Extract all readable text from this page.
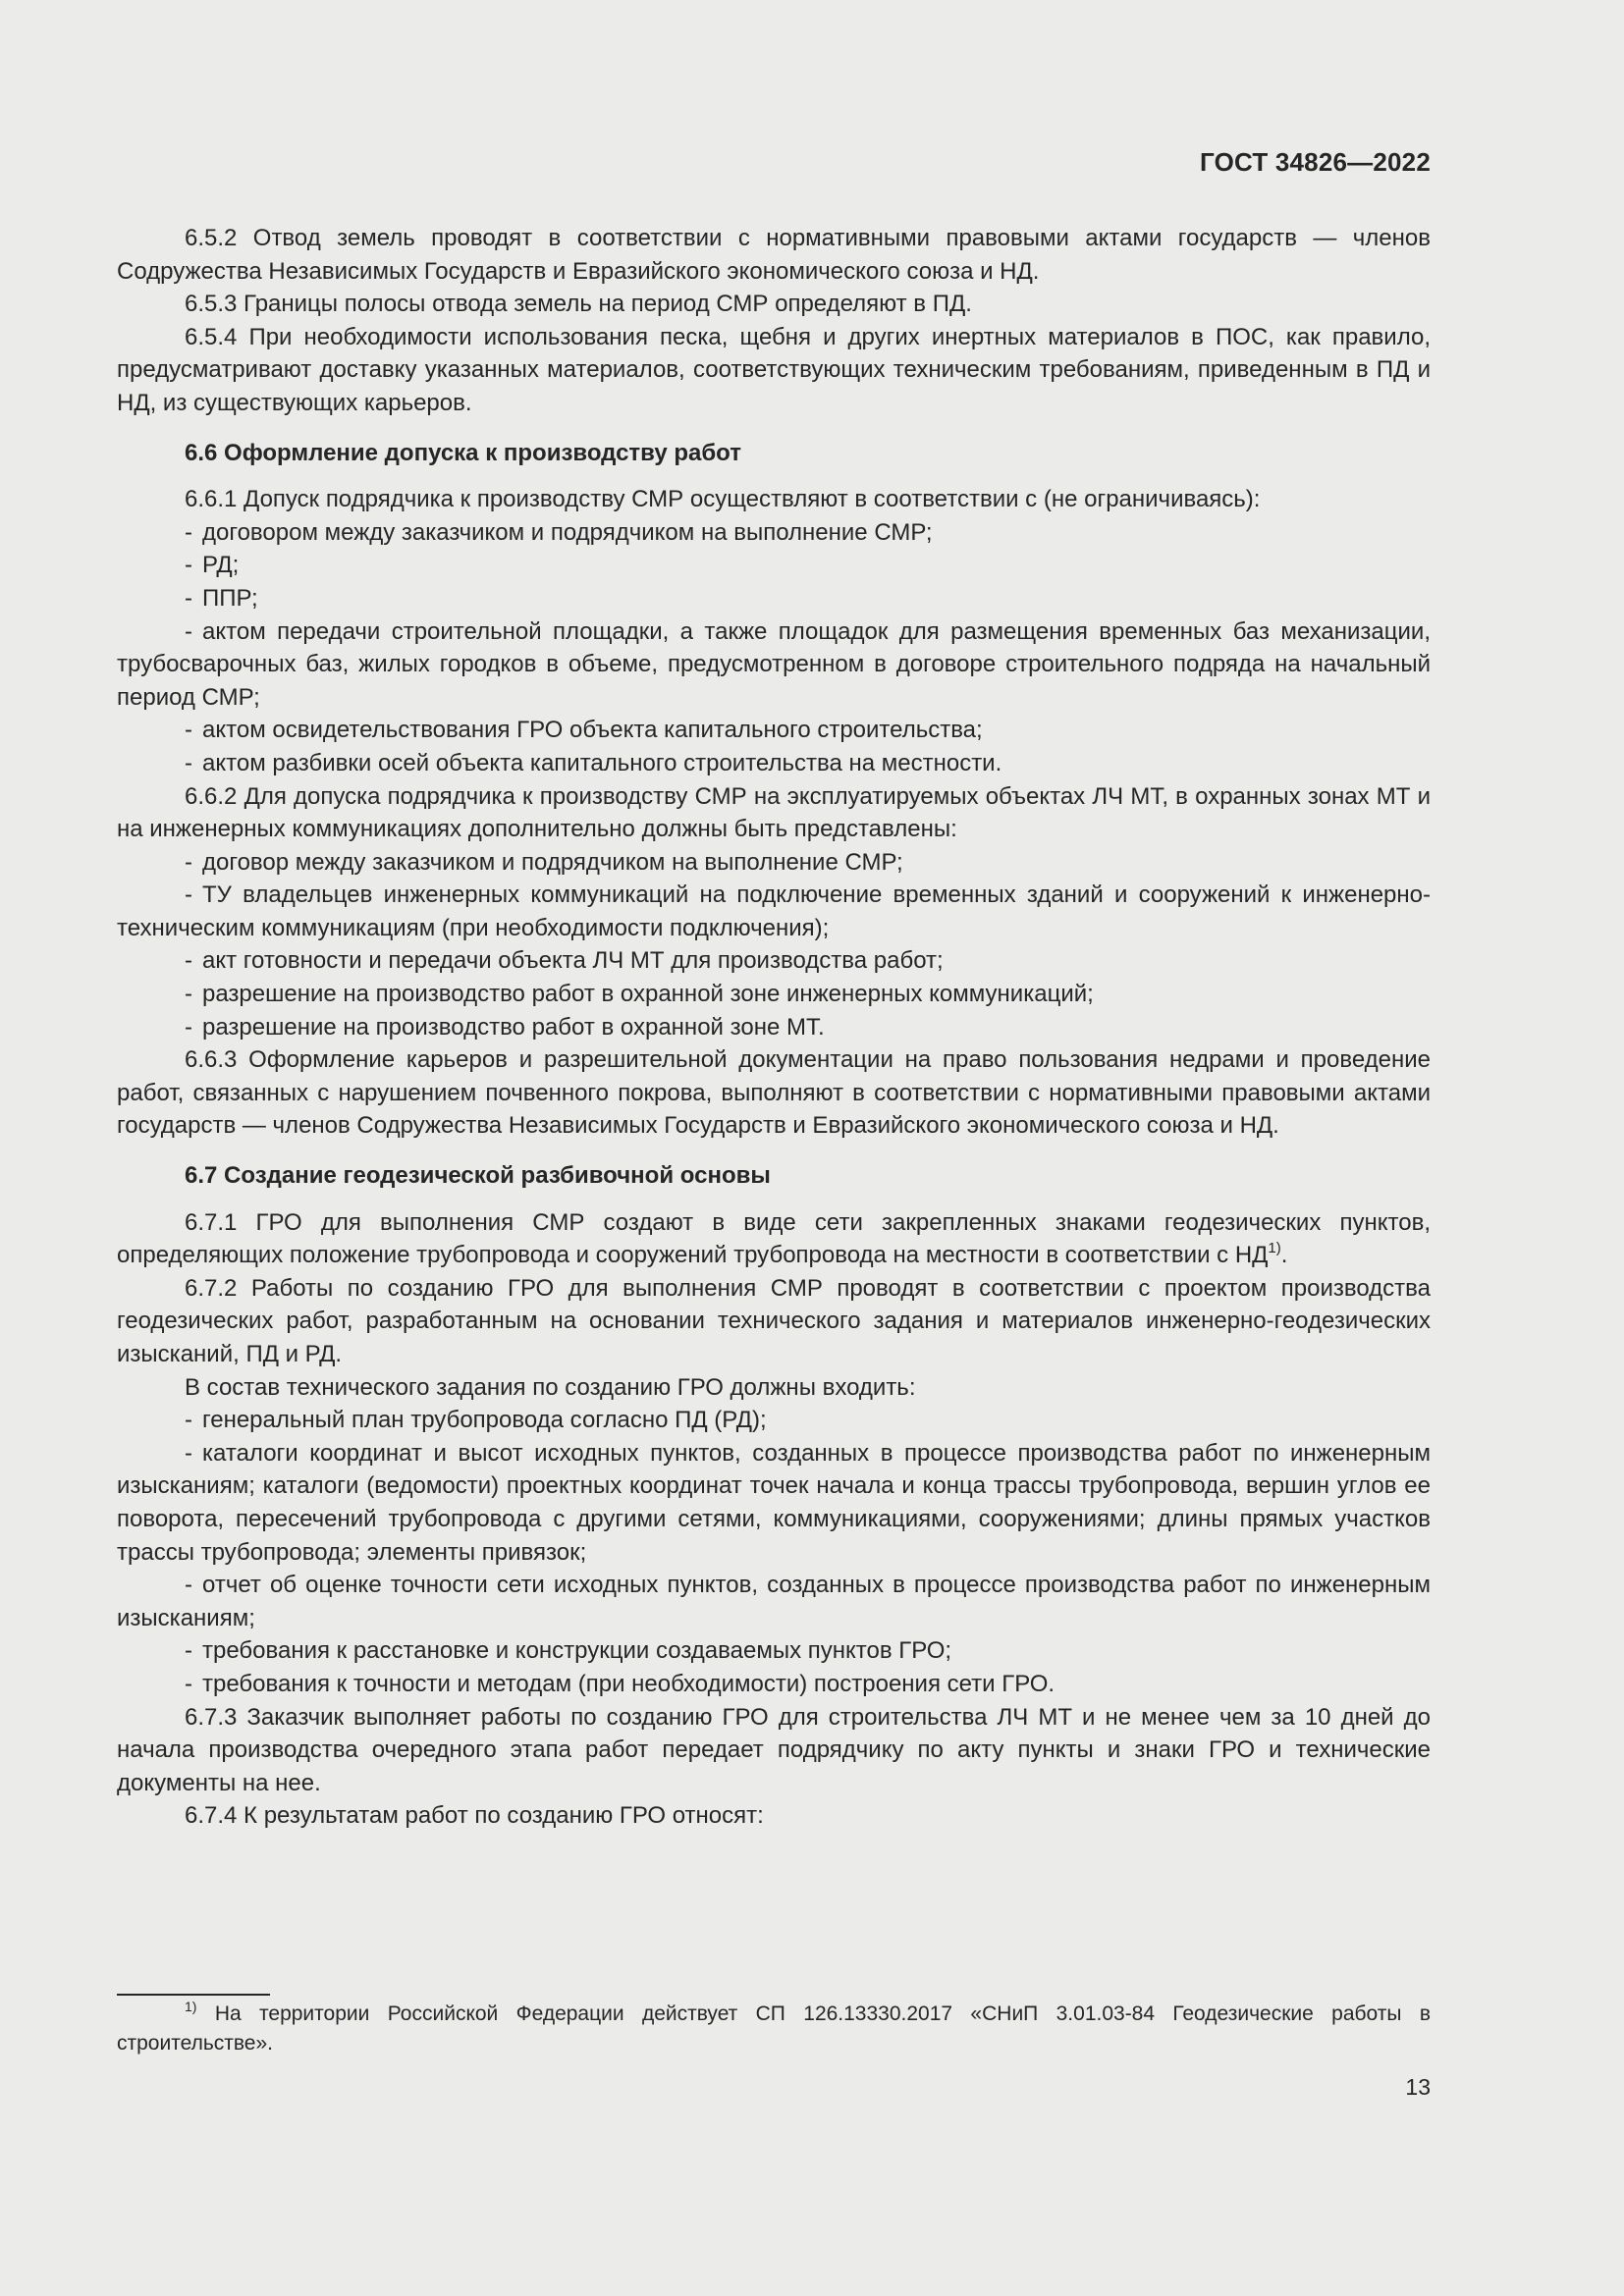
ГОСТ 34826—2022

6.5.2 Отвод земель проводят в соответствии с нормативными правовыми актами государств — членов Содружества Независимых Государств и Евразийского экономического союза и НД.

6.5.3 Границы полосы отвода земель на период СМР определяют в ПД.

6.5.4 При необходимости использования песка, щебня и других инертных материалов в ПОС, как правило, предусматривают доставку указанных материалов, соответствующих техническим требованиям, приведенным в ПД и НД, из существующих карьеров.

6.6 Оформление допуска к производству работ

6.6.1 Допуск подрядчика к производству СМР осуществляют в соответствии с (не ограничиваясь):

- договором между заказчиком и подрядчиком на выполнение СМР;

- РД;

- ППР;

- актом передачи строительной площадки, а также площадок для размещения временных баз механизации, трубосварочных баз, жилых городков в объеме, предусмотренном в договоре строительного подряда на начальный период СМР;

- актом освидетельствования ГРО объекта капитального строительства;

- актом разбивки осей объекта капитального строительства на местности.

6.6.2 Для допуска подрядчика к производству СМР на эксплуатируемых объектах ЛЧ МТ, в охранных зонах МТ и на инженерных коммуникациях дополнительно должны быть представлены:

- договор между заказчиком и подрядчиком на выполнение СМР;

- ТУ владельцев инженерных коммуникаций на подключение временных зданий и сооружений к инженерно-техническим коммуникациям (при необходимости подключения);

- акт готовности и передачи объекта ЛЧ МТ для производства работ;

- разрешение на производство работ в охранной зоне инженерных коммуникаций;

- разрешение на производство работ в охранной зоне МТ.

6.6.3 Оформление карьеров и разрешительной документации на право пользования недрами и проведение работ, связанных с нарушением почвенного покрова, выполняют в соответствии с нормативными правовыми актами государств — членов Содружества Независимых Государств и Евразийского экономического союза и НД.

6.7 Создание геодезической разбивочной основы

6.7.1 ГРО для выполнения СМР создают в виде сети закрепленных знаками геодезических пунктов, определяющих положение трубопровода и сооружений трубопровода на местности в соответствии с НД$^{1)}$.

6.7.2 Работы по созданию ГРО для выполнения СМР проводят в соответствии с проектом производства геодезических работ, разработанным на основании технического задания и материалов инженерно-геодезических изысканий, ПД и РД.

В состав технического задания по созданию ГРО должны входить:

- генеральный план трубопровода согласно ПД (РД);

- каталоги координат и высот исходных пунктов, созданных в процессе производства работ по инженерным изысканиям; каталоги (ведомости) проектных координат точек начала и конца трассы трубопровода, вершин углов ее поворота, пересечений трубопровода с другими сетями, коммуникациями, сооружениями; длины прямых участков трассы трубопровода; элементы привязок;

- отчет об оценке точности сети исходных пунктов, созданных в процессе производства работ по инженерным изысканиям;

- требования к расстановке и конструкции создаваемых пунктов ГРО;

- требования к точности и методам (при необходимости) построения сети ГРО.

6.7.3 Заказчик выполняет работы по созданию ГРО для строительства ЛЧ МТ и не менее чем за 10 дней до начала производства очередного этапа работ передает подрядчику по акту пункты и знаки ГРО и технические документы на нее.

6.7.4 К результатам работ по созданию ГРО относят:

$^{1)}$ На территории Российской Федерации действует СП 126.13330.2017 «СНиП 3.01.03-84 Геодезические работы в строительстве».

13
